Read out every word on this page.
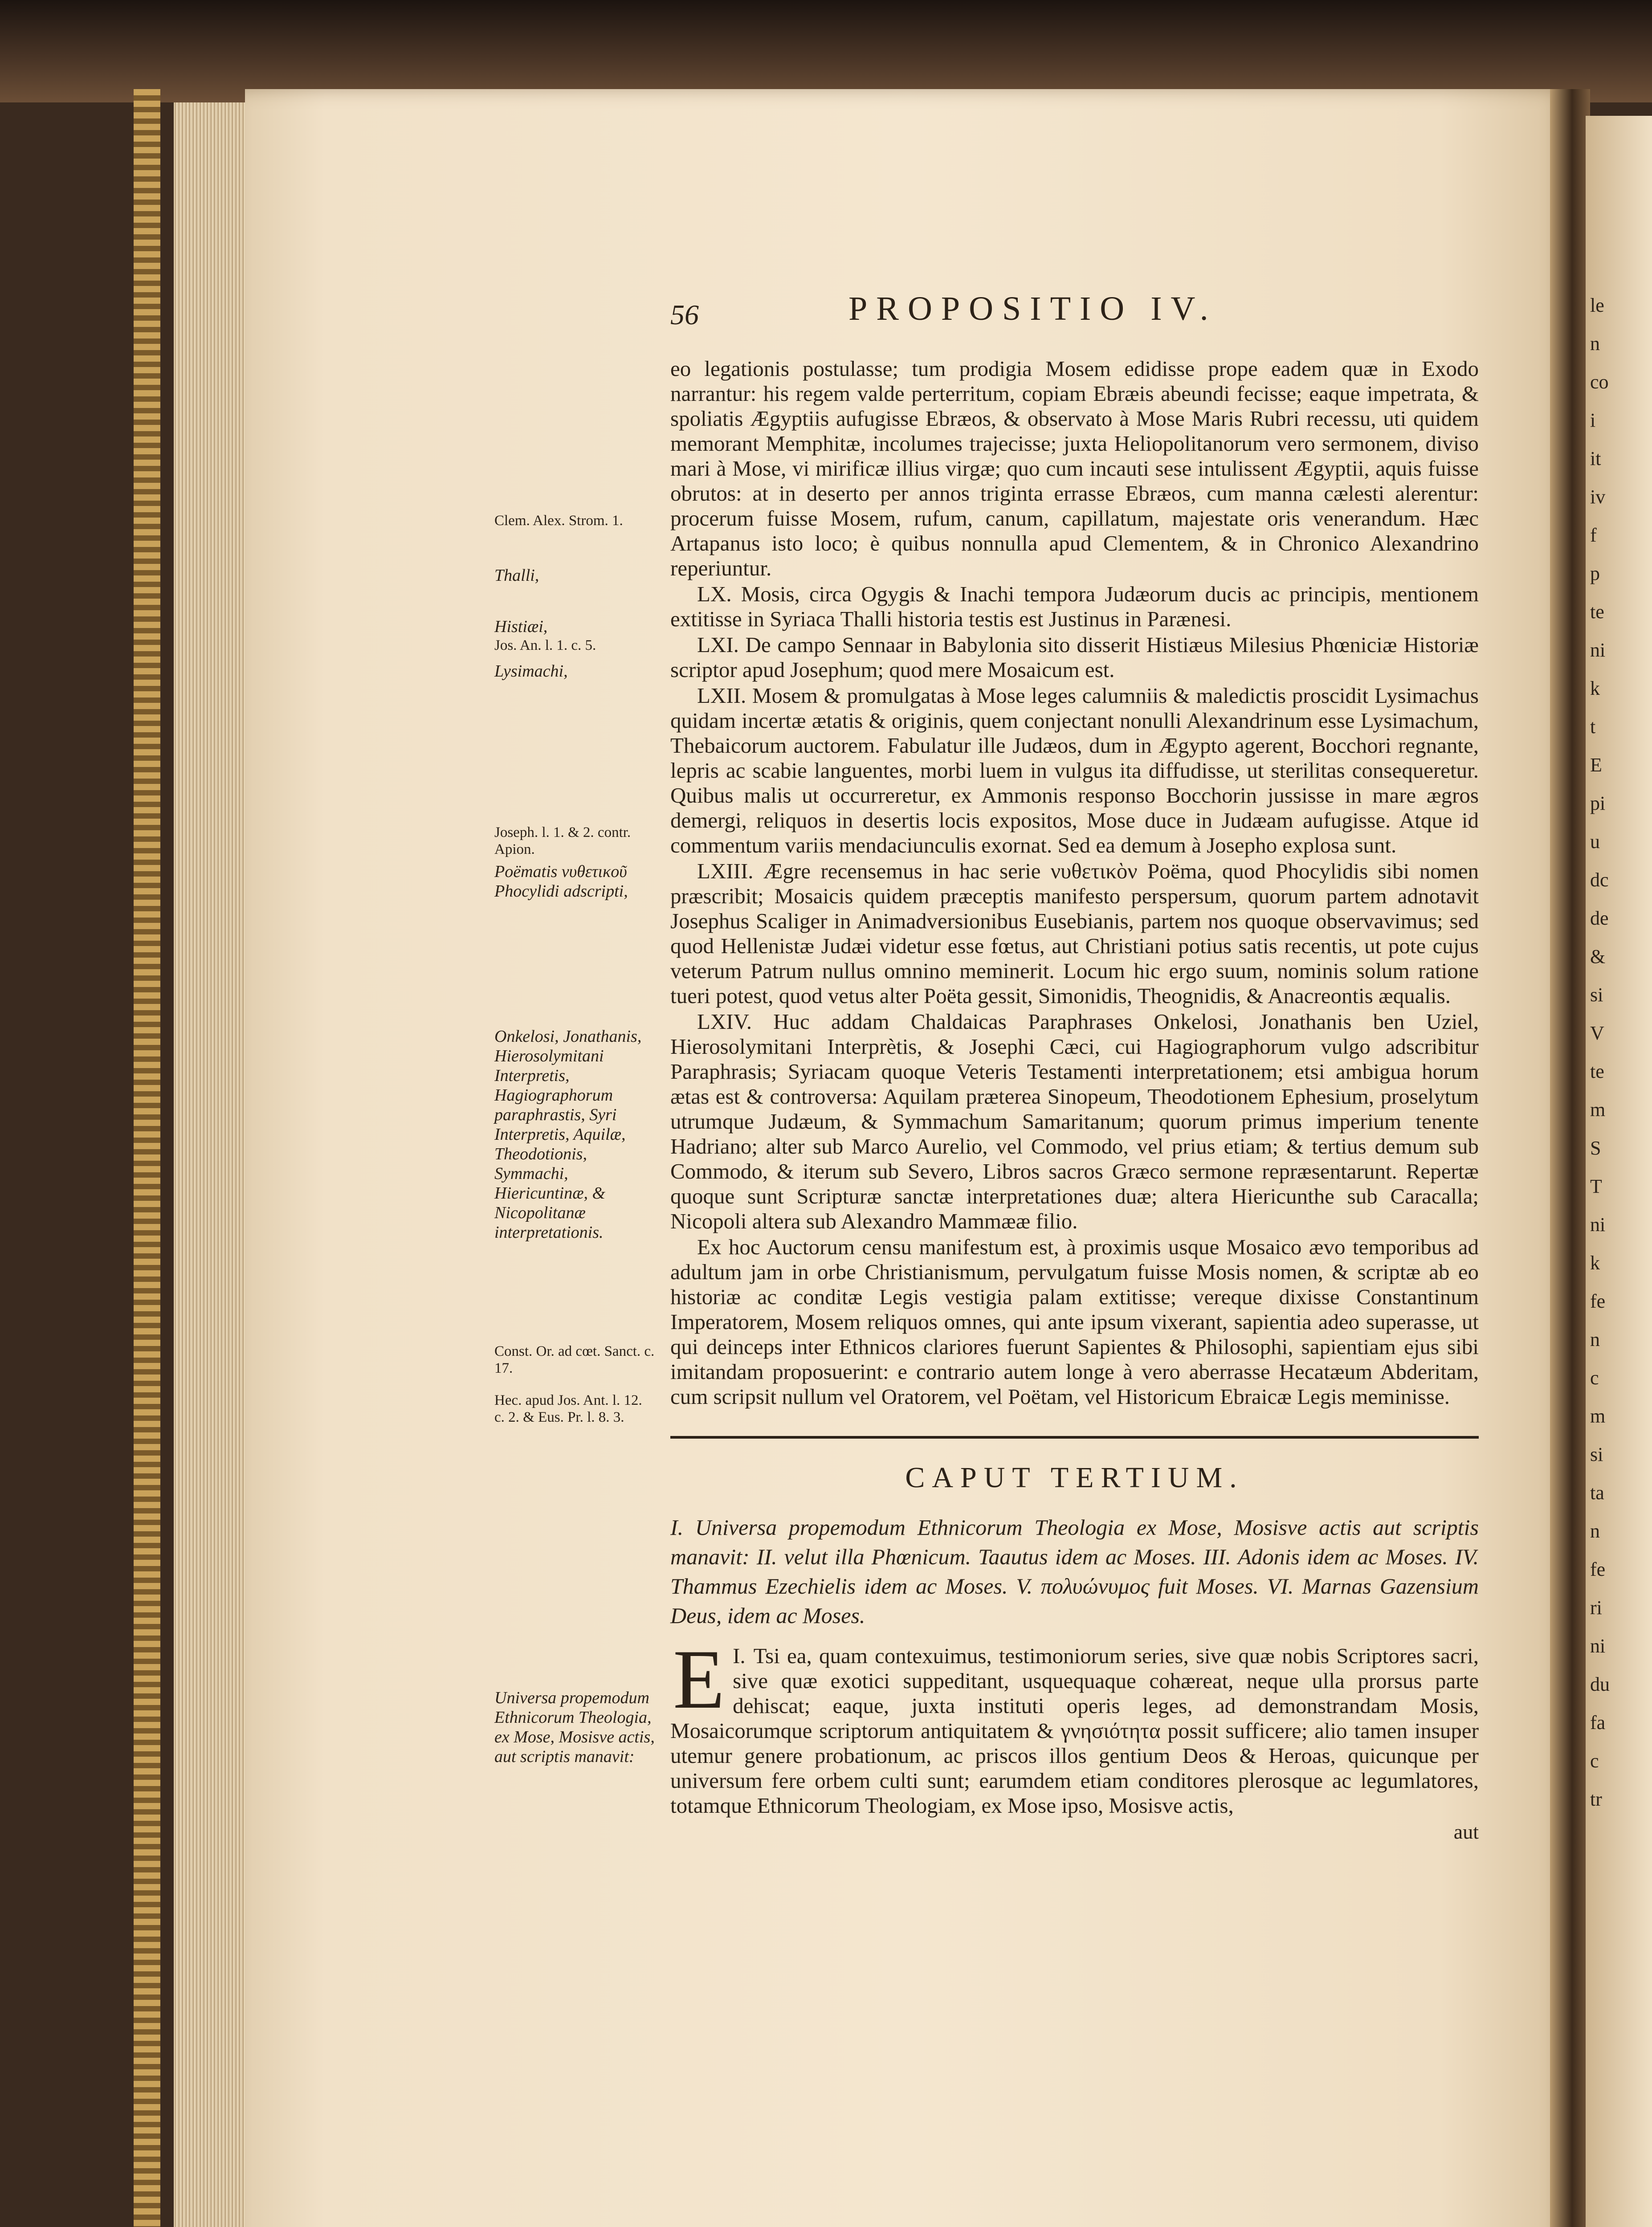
le
n
co
i
it
iv
f
p
te
ni
k
t
E
pi
u
dc
de
&
si
V
te
m
S
T
ni
k
fe
n
c
m
si
ta
n
fe
ri
ni
du
fa
c
tr
56	PROPOSITIO IV.

eo legationis postulasse; tum prodigia Mosem edidisse prope eadem quæ in Exodo narrantur: his regem valde perterritum, copiam Ebræis abeundi fecisse; eaque impetrata, & spoliatis Ægyptiis aufugisse Ebræos, & observato à Mose Maris Rubri recessu, uti quidem memorant Memphitæ, incolumes trajecisse; juxta Heliopolitanorum vero sermonem, diviso mari à Mose, vi mirificæ illius virgæ; quo cum incauti sese intulissent Ægyptii, aquis fuisse obrutos: at in deserto per annos triginta errasse Ebræos, cum manna cælesti alerentur: procerum fuisse Mosem, rufum, canum, capillatum, majestate oris venerandum. Hæc Artapanus isto loco; è quibus nonnulla apud Clementem, & in Chronico Alexandrino reperiuntur.

LX. Mosis, circa Ogygis & Inachi tempora Judæorum ducis ac principis, mentionem extitisse in Syriaca Thalli historia testis est Justinus in Parænesi.

LXI. De campo Sennaar in Babylonia sito disserit Histiæus Milesius Phœniciæ Historiæ scriptor apud Josephum; quod mere Mosaicum est.

LXII. Mosem & promulgatas à Mose leges calumniis & maledictis proscidit Lysimachus quidam incertæ ætatis & originis, quem conjectant nonulli Alexandrinum esse Lysimachum, Thebaicorum auctorem. Fabulatur ille Judæos, dum in Ægypto agerent, Bocchori regnante, lepris ac scabie languentes, morbi luem in vulgus ita diffudisse, ut sterilitas consequeretur. Quibus malis ut occurreretur, ex Ammonis responso Bocchorin jussisse in mare ægros demergi, reliquos in desertis locis expositos, Mose duce in Judæam aufugisse. Atque id commentum variis mendaciunculis exornat. Sed ea demum à Josepho explosa sunt.

LXIII. Ægre recensemus in hac serie νυθετικὸν Poëma, quod Phocylidis sibi nomen præscribit; Mosaicis quidem præceptis manifesto perspersum, quorum partem adnotavit Josephus Scaliger in Animadversionibus Eusebianis, partem nos quoque observavimus; sed quod Hellenistæ Judæi videtur esse fœtus, aut Christiani potius satis recentis, ut pote cujus veterum Patrum nullus omnino meminerit. Locum hic ergo suum, nominis solum ratione tueri potest, quod vetus alter Poëta gessit, Simonidis, Theognidis, & Anacreontis æqualis.

LXIV. Huc addam Chaldaicas Paraphrases Onkelosi, Jonathanis ben Uziel, Hierosolymitani Interprètis, & Josephi Cæci, cui Hagiographorum vulgo adscribitur Paraphrasis; Syriacam quoque Veteris Testamenti interpretationem; etsi ambigua horum ætas est & controversa: Aquilam præterea Sinopeum, Theodotionem Ephesium, proselytum utrumque Judæum, & Symmachum Samaritanum; quorum primus imperium tenente Hadriano; alter sub Marco Aurelio, vel Commodo, vel prius etiam; & tertius demum sub Commodo, & iterum sub Severo, Libros sacros Græco sermone repræsentarunt. Repertæ quoque sunt Scripturæ sanctæ interpretationes duæ; altera Hiericunthe sub Caracalla; Nicopoli altera sub Alexandro Mammææ filio.

Ex hoc Auctorum censu manifestum est, à proximis usque Mosaico ævo temporibus ad adultum jam in orbe Christianismum, pervulgatum fuisse Mosis nomen, & scriptæ ab eo historiæ ac conditæ Legis vestigia palam extitisse; vereque dixisse Constantinum Imperatorem, Mosem reliquos omnes, qui ante ipsum vixerant, sapientia adeo superasse, ut qui deinceps inter Ethnicos clariores fuerunt Sapientes & Philosophi, sapientiam ejus sibi imitandam proposuerint: e contrario autem longe à vero aberrasse Hecatæum Abderitam, cum scripsit nullum vel Oratorem, vel Poëtam, vel Historicum Ebraicæ Legis meminisse.

CAPUT TERTIUM.
I. Universa propemodum Ethnicorum Theologia ex Mose, Mosisve actis aut scriptis manavit: II. velut illa Phœnicum. Taautus idem ac Moses. III. Adonis idem ac Moses. IV. Thammus Ezechielis idem ac Moses. V. πολυώνυμος fuit Moses. VI. Marnas Gazensium Deus, idem ac Moses.

I.
E Tsi ea, quam contexuimus, testimoniorum series, sive quæ nobis Scriptores sacri, sive quæ exotici suppeditant, usquequaque cohæreat, neque ulla prorsus parte dehiscat; eaque, juxta instituti operis leges, ad demonstrandam Mosis, Mosaicorumque scriptorum antiquitatem & γνησιότητα possit sufficere; alio tamen insuper utemur genere probationum, ac priscos illos gentium Deos & Heroas, quicunque per universum fere orbem culti sunt; earumdem etiam conditores plerosque ac legumlatores, totamque Ethnicorum Theologiam, ex Mose ipso, Mosisve actis,

aut
Clem. Alex. Strom. 1.
Thalli,
Histiæi,
Jos. An. l. 1. c. 5.
Lysimachi,
Joseph. l. 1. & 2. contr. Apion.
Poëmatis νυθετικοῦ Phocylidi adscripti,
Onkelosi, Jonathanis, Hierosolymitani Interpretis, Hagiographorum paraphrastis, Syri Interpretis, Aquilæ, Theodotionis, Symmachi, Hiericuntinæ, & Nicopolitanæ interpretationis.
Const. Or. ad cœt. Sanct. c. 17.
Hec. apud Jos. Ant. l. 12. c. 2. & Eus. Pr. l. 8. 3.
Universa propemodum Ethnicorum Theologia, ex Mose, Mosisve actis, aut scriptis manavit:
